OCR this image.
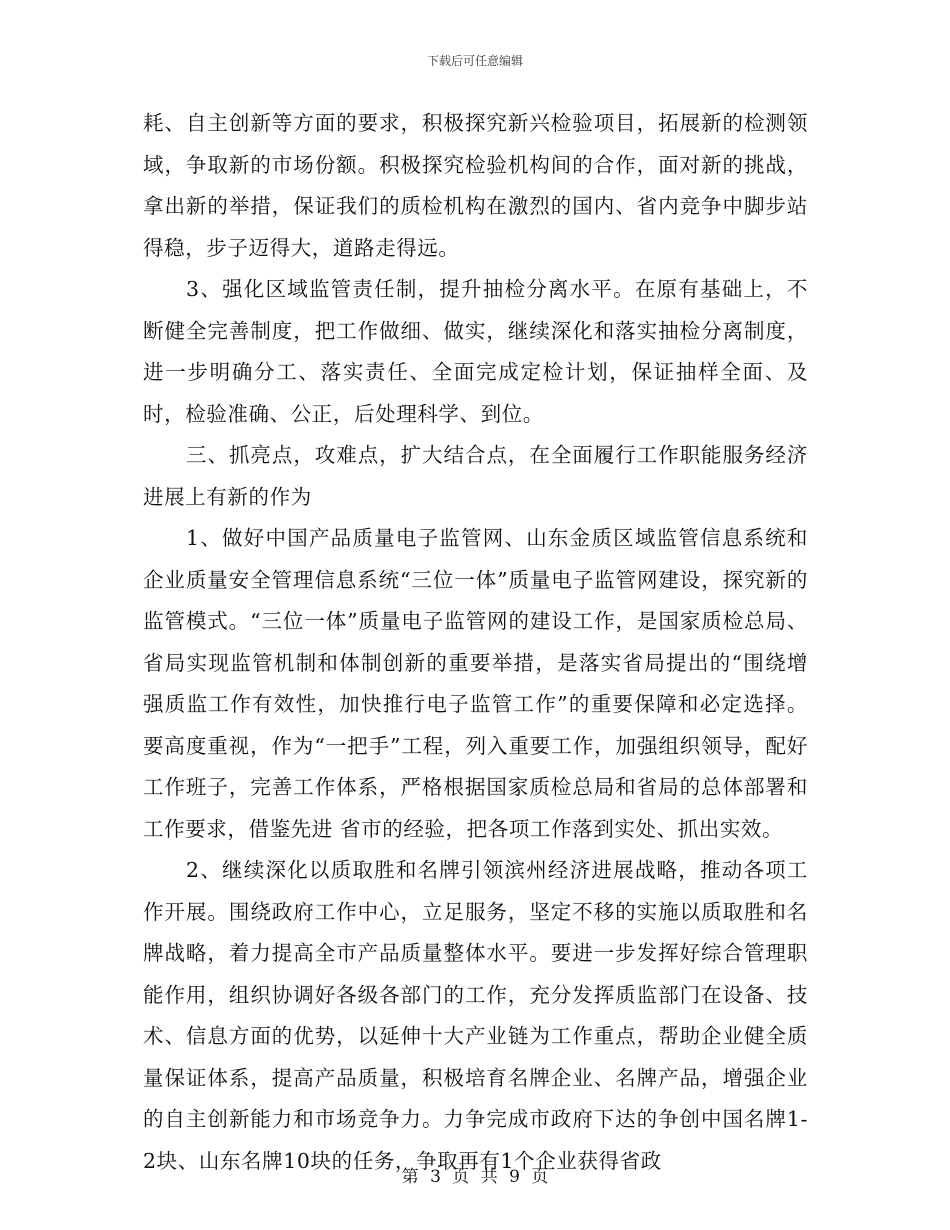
下载后可任意编辑

耗、自主创新等方面的要求，积极探究新兴检验项目，拓展新的检测领域，争取新的市场份额。积极探究检验机构间的合作，面对新的挑战，拿出新的举措，保证我们的质检机构在激烈的国内、省内竞争中脚步站得稳，步子迈得大，道路走得远。

3、强化区域监管责任制，提升抽检分离水平。在原有基础上，不断健全完善制度，把工作做细、做实，继续深化和落实抽检分离制度，进一步明确分工、落实责任、全面完成定检计划，保证抽样全面、及时，检验准确、公正，后处理科学、到位。

三、抓亮点，攻难点，扩大结合点，在全面履行工作职能服务经济进展上有新的作为

1、做好中国产品质量电子监管网、山东金质区域监管信息系统和企业质量安全管理信息系统“三位一体”质量电子监管网建设，探究新的监管模式。“三位一体”质量电子监管网的建设工作，是国家质检总局、省局实现监管机制和体制创新的重要举措，是落实省局提出的“围绕增强质监工作有效性，加快推行电子监管工作”的重要保障和必定选择。要高度重视，作为“一把手”工程，列入重要工作，加强组织领导，配好工作班子，完善工作体系，严格根据国家质检总局和省局的总体部署和工作要求，借鉴先进 省市的经验，把各项工作落到实处、抓出实效。

2、继续深化以质取胜和名牌引领滨州经济进展战略，推动各项工作开展。围绕政府工作中心，立足服务，坚定不移的实施以质取胜和名牌战略，着力提高全市产品质量整体水平。要进一步发挥好综合管理职能作用，组织协调好各级各部门的工作，充分发挥质监部门在设备、技术、信息方面的优势，以延伸十大产业链为工作重点，帮助企业健全质量保证体系，提高产品质量，积极培育名牌企业、名牌产品，增强企业的自主创新能力和市场竞争力。力争完成市政府下达的争创中国名牌1-2块、山东名牌10块的任务，争取再有1个企业获得省政

第 3 页 共 9 页
